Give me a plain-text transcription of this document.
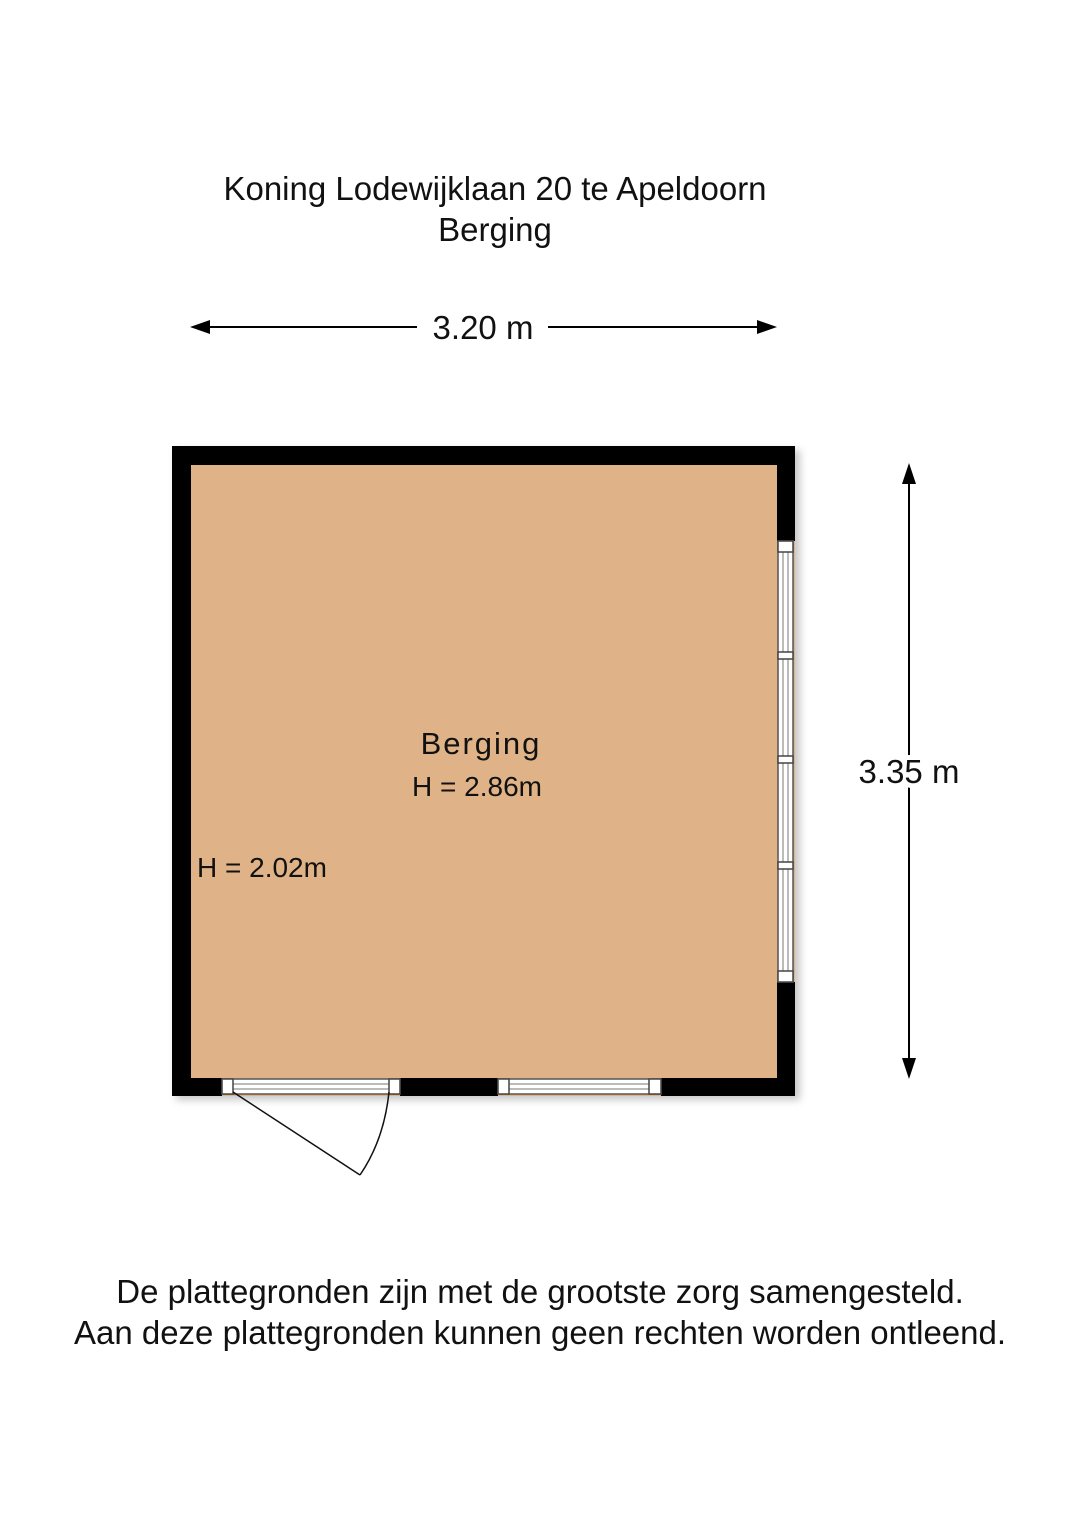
Koning Lodewijklaan 20 te Apeldoorn
Berging
3.20 m
3.35 m
Berging
H = 2.86m
H = 2.02m
De plattegronden zijn met de grootste zorg samengesteld.
Aan deze plattegronden kunnen geen rechten worden ontleend.
